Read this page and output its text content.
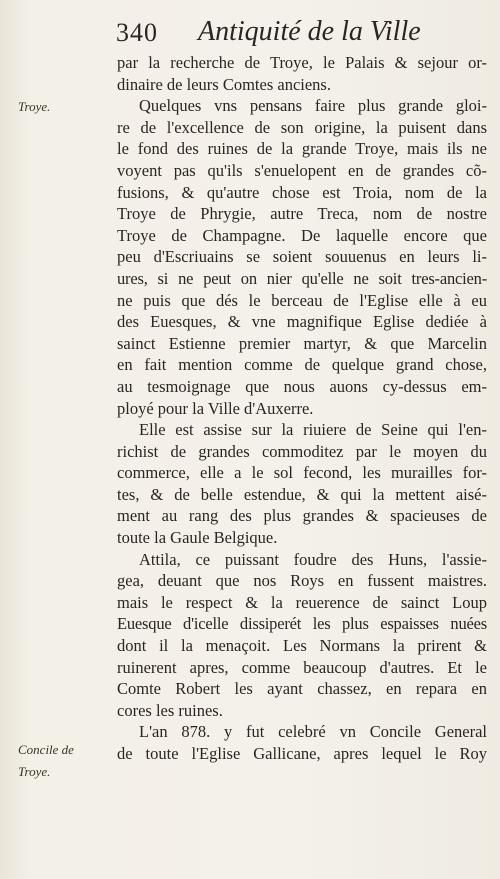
340 Antiquité de la Ville
Troye.
Concile de
Troye.
par la recherche de Troye, le Palais & sejour or-
dinaire de leurs Comtes anciens.
Quelques vns pensans faire plus grande gloi-
re de l'excellence de son origine, la puisent dans
le fond des ruines de la grande Troye, mais ils ne
voyent pas qu'ils s'enuelopent en de grandes cõ-
fusions, & qu'autre chose est Troia, nom de la
Troye de Phrygie, autre Treca, nom de nostre
Troye de Champagne. De laquelle encore que
peu d'Escriuains se soient souuenus en leurs li-
ures, si ne peut on nier qu'elle ne soit tres-ancien-
ne puis que dés le berceau de l'Eglise elle à eu
des Euesques, & vne magnifique Eglise dediée à
sainct Estienne premier martyr, & que Marcelin
en fait mention comme de quelque grand chose,
au tesmoignage que nous auons cy-dessus em-
ployé pour la Ville d'Auxerre.
Elle est assise sur la riuiere de Seine qui l'en-
richist de grandes commoditez par le moyen du
commerce, elle a le sol fecond, les murailles for-
tes, & de belle estendue, & qui la mettent aisé-
ment au rang des plus grandes & spacieuses de
toute la Gaule Belgique.
Attila, ce puissant foudre des Huns, l'assie-
gea, deuant que nos Roys en fussent maistres.
mais le respect & la reuerence de sainct Loup
Euesque d'icelle dissiperét les plus espaisses nuées
dont il la menaçoit. Les Normans la prirent &
ruinerent apres, comme beaucoup d'autres. Et le
Comte Robert les ayant chassez, en repara en
cores les ruines.
L'an 878. y fut celebré vn Concile General
de toute l'Eglise Gallicane, apres lequel le Roy
